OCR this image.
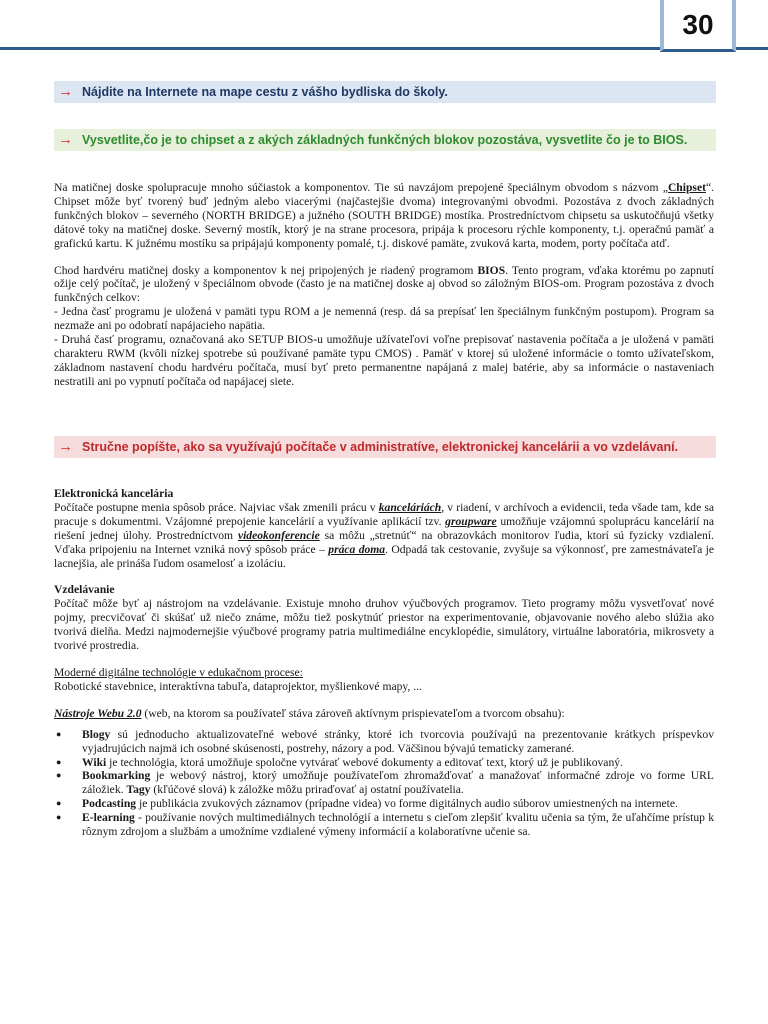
30
→ Nájdite na Internete na mape cestu z vášho bydliska do školy.
→ Vysvetlite,čo je to chipset a z akých základných funkčných blokov pozostáva, vysvetlite čo je to BIOS.

Na matičnej doske spolupracuje mnoho súčiastok a komponentov. Tie sú navzájom prepojené špeciálnym obvodom s názvom „Chipset“. Chipset môže byť tvorený buď jedným alebo viacerými (najčastejšie dvoma) integrovanými obvodmi. Pozostáva z dvoch základných funkčných blokov – severného (NORTH BRIDGE) a južného (SOUTH BRIDGE) mostíka. Prostredníctvom chipsetu sa uskutočňujú všetky dátové toky na matičnej doske. Severný mostík, ktorý je na strane procesora, pripája k procesoru rýchle komponenty, t.j. operačnú pamäť a grafickú kartu. K južnému mostíku sa pripájajú komponenty pomalé, t.j. diskové pamäte, zvuková karta, modem, porty počítača atď.

Chod hardvéru matičnej dosky a komponentov k nej pripojených je riadený programom BIOS. Tento program, vďaka ktorému po zapnutí ožije celý počítač, je uložený v špeciálnom obvode (často je na matičnej doske aj obvod so záložným BIOS-om. Program pozostáva z dvoch funkčných celkov:

- Jedna časť programu je uložená v pamäti typu ROM a je nemenná (resp. dá sa prepísať len špeciálnym funkčným postupom). Program sa nezmaže ani po odobratí napájacieho napätia.

- Druhá časť programu, označovaná ako SETUP BIOS-u umožňuje užívateľovi voľne prepisovať nastavenia počítača a je uložená v pamäti charakteru RWM (kvôli nízkej spotrebe sú používané pamäte typu CMOS) . Pamäť v ktorej sú uložené informácie o tomto užívateľskom, základnom nastavení chodu hardvéru počítača, musí byť preto permanentne napájaná z malej batérie, aby sa informácie o nastaveniach nestratili ani po vypnutí počítača od napájacej siete.

→ Stručne popíšte, ako sa využívajú počítače v administratíve, elektronickej kancelárii a vo vzdelávaní.

Elektronická kancelária

Počítače postupne menia spôsob práce. Najviac však zmenili prácu v kanceláriách, v riadení, v archívoch a evidencii, teda všade tam, kde sa pracuje s dokumentmi. Vzájomné prepojenie kancelárií a využívanie aplikácií tzv. groupware umožňuje vzájomnú spoluprácu kancelárií na riešení jednej úlohy. Prostredníctvom videokonferencie sa môžu „stretnúť“ na obrazovkách monitorov ľudia, ktorí sú fyzicky vzdialení. Vďaka pripojeniu na Internet vzniká nový spôsob práce – práca doma. Odpadá tak cestovanie, zvyšuje sa výkonnosť, pre zamestnávateľa je lacnejšia, ale prináša ľudom osamelosť a izoláciu.

Vzdelávanie

Počítač môže byť aj nástrojom na vzdelávanie. Existuje mnoho druhov výučbových programov. Tieto programy môžu vysvetľovať nové pojmy, precvičovať či skúšať už niečo známe, môžu tiež poskytnúť priestor na experimentovanie, objavovanie nového alebo slúžia ako tvorivá dielňa. Medzi najmodernejšie výučbové programy patria multimediálne encyklopédie, simulátory, virtuálne laboratória, mikrosvety a tvorivé prostredia.

Moderné digitálne technológie v edukačnom procese:

Robotické stavebnice, interaktívna tabuľa, dataprojektor, myšlienkové mapy, ...

Nástroje Webu 2.0 (web, na ktorom sa používateľ stáva zároveň aktívnym prispievateľom a tvorcom obsahu):

● Blogy sú jednoducho aktualizovateľné webové stránky, ktoré ich tvorcovia používajú na prezentovanie krátkych príspevkov vyjadrujúcich najmä ich osobné skúsenosti, postrehy, názory a pod. Väčšinou bývajú tematicky zamerané.
● Wiki je technológia, ktorá umožňuje spoločne vytvárať webové dokumenty a editovať text, ktorý už je publikovaný.
● Bookmarking je webový nástroj, ktorý umožňuje používateľom zhromažďovať a manažovať informačné zdroje vo forme URL záložiek. Tagy (kľúčové slová) k záložke môžu priraďovať aj ostatní používatelia.
● Podcasting je publikácia zvukových záznamov (prípadne videa) vo forme digitálnych audio súborov umiestnených na internete.
● E-learning - používanie nových multimediálnych technológií a internetu s cieľom zlepšiť kvalitu učenia sa tým, že uľahčíme prístup k rôznym zdrojom a službám a umožníme vzdialené výmeny informácií a kolaboratívne učenie sa.
